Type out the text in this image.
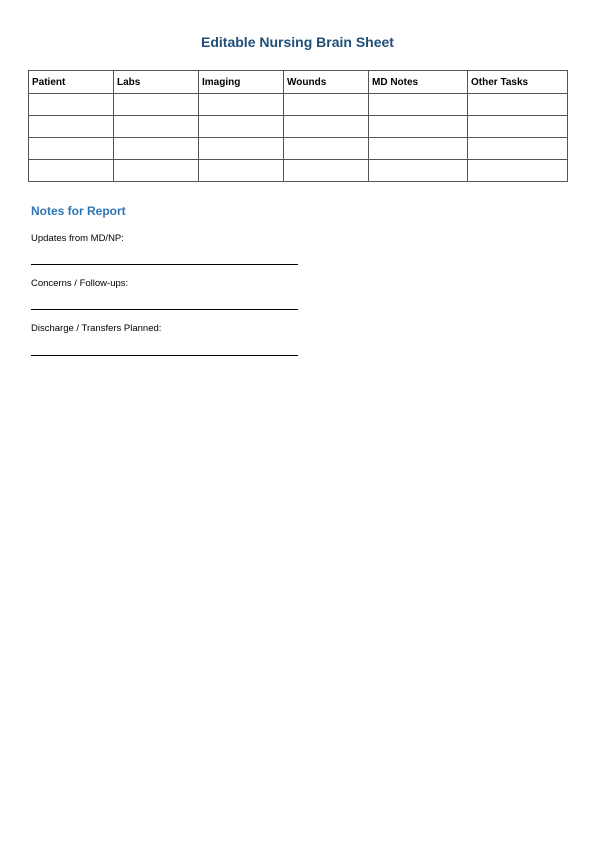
Editable Nursing Brain Sheet
Patient	Labs	Imaging	Wounds	MD Notes	Other Tasks

Notes for Report
Updates from MD/NP:
Concerns / Follow-ups:
Discharge / Transfers Planned:
